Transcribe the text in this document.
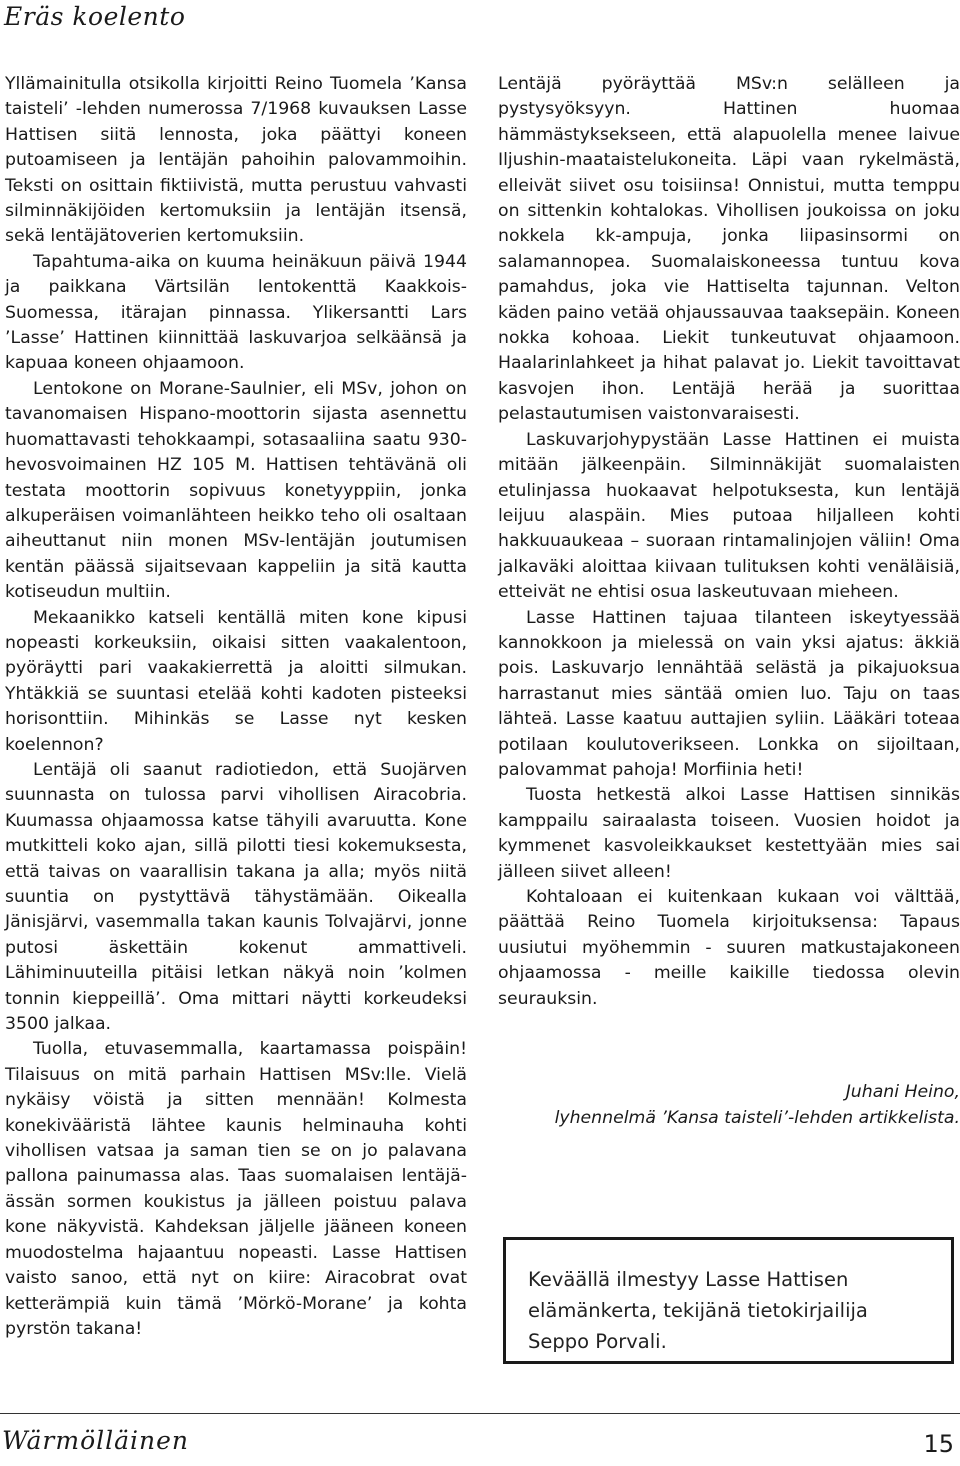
Eräs koelento

Yllämainitulla otsikolla kirjoitti Reino Tuomela ’Kansa taisteli’ -lehden numerossa 7/1968 kuvauksen Lasse Hattisen siitä lennosta, joka päättyi koneen putoamiseen ja lentäjän pahoihin palovammoihin. Teksti on osittain fiktiivistä, mutta perustuu vahvasti silminnäkijöiden kertomuksiin ja lentäjän itsensä, sekä lentäjätoverien kertomuksiin.

Tapahtuma-aika on kuuma heinäkuun päivä 1944 ja paikkana Värtsilän lentokenttä Kaakkois-Suomessa, itärajan pinnassa. Ylikersantti Lars ’Lasse’ Hattinen kiinnittää laskuvarjoa selkäänsä ja kapuaa koneen ohjaamoon.

Lentokone on Morane-Saulnier, eli MSv, johon on tavanomaisen Hispano-moottorin sijasta asennettu huomattavasti tehokkaampi, sotasaaliina saatu 930-hevosvoimainen HZ 105 M. Hattisen tehtävänä oli testata moottorin sopivuus konetyyppiin, jonka alkuperäisen voimanlähteen heikko teho oli osaltaan aiheuttanut niin monen MSv-lentäjän joutumisen kentän päässä sijaitsevaan kappeliin ja sitä kautta kotiseudun multiin.

Mekaanikko katseli kentällä miten kone kipusi nopeasti korkeuksiin, oikaisi sitten vaakalentoon, pyöräytti pari vaakakierrettä ja aloitti silmukan. Yhtäkkiä se suuntasi etelää kohti kadoten pisteeksi horisonttiin. Mihinkäs se Lasse nyt kesken koelennon?

Lentäjä oli saanut radiotiedon, että Suojärven suunnasta on tulossa parvi vihollisen Airacobria. Kuumassa ohjaamossa katse tähyili avaruutta. Kone mutkitteli koko ajan, sillä pilotti tiesi kokemuksesta, että taivas on vaarallisin takana ja alla; myös niitä suuntia on pystyttävä tähystämään. Oikealla Jänisjärvi, vasemmalla takan kaunis Tolvajärvi, jonne putosi äskettäin kokenut ammattiveli. Lähiminuuteilla pitäisi letkan näkyä noin ’kolmen tonnin kieppeillä’. Oma mittari näytti korkeudeksi 3500 jalkaa.

Tuolla, etuvasemmalla, kaartamassa poispäin! Tilaisuus on mitä parhain Hattisen MSv:lle. Vielä nykäisy vöistä ja sitten mennään! Kolmesta konekivääristä lähtee kaunis helminauha kohti vihollisen vatsaa ja saman tien se on jo palavana pallona painumassa alas. Taas suomalaisen lentäjä-ässän sormen koukistus ja jälleen poistuu palava kone näkyvistä. Kahdeksan jäljelle jääneen koneen muodostelma hajaantuu nopeasti. Lasse Hattisen vaisto sanoo, että nyt on kiire: Airacobrat ovat ketterämpiä kuin tämä ’Mörkö-Morane’ ja kohta pyrstön takana!

Lentäjä pyöräyttää MSv:n selälleen ja pystysyöksyyn. Hattinen huomaa hämmästyksekseen, että alapuolella menee laivue Iljushin-maataistelukoneita. Läpi vaan rykelmästä, elleivät siivet osu toisiinsa! Onnistui, mutta temppu on sittenkin kohtalokas. Vihollisen joukoissa on joku nokkela kk-ampuja, jonka liipasinsormi on salamannopea. Suomalaiskoneessa tuntuu kova pamahdus, joka vie Hattiselta tajunnan. Velton käden paino vetää ohjaussauvaa taaksepäin. Koneen nokka kohoaa. Liekit tunkeutuvat ohjaamoon. Haalarinlahkeet ja hihat palavat jo. Liekit tavoittavat kasvojen ihon. Lentäjä herää ja suorittaa pelastautumisen vaistonvaraisesti.

Laskuvarjohypystään Lasse Hattinen ei muista mitään jälkeenpäin. Silminnäkijät suomalaisten etulinjassa huokaavat helpotuksesta, kun lentäjä leijuu alaspäin. Mies putoaa hiljalleen kohti hakkuuaukeaa – suoraan rintamalinjojen väliin! Oma jalkaväki aloittaa kiivaan tulituksen kohti venäläisiä, etteivät ne ehtisi osua laskeutuvaan mieheen.

Lasse Hattinen tajuaa tilanteen iskeytyessää kannokkoon ja mielessä on vain yksi ajatus: äkkiä pois. Laskuvarjo lennähtää selästä ja pikajuoksua harrastanut mies säntää omien luo. Taju on taas lähteä. Lasse kaatuu auttajien syliin. Lääkäri toteaa potilaan koulutoverikseen. Lonkka on sijoiltaan, palovammat pahoja! Morfiinia heti!

Tuosta hetkestä alkoi Lasse Hattisen sinnikäs kamppailu sairaalasta toiseen. Vuosien hoidot ja kymmenet kasvoleikkaukset kestettyään mies sai jälleen siivet alleen!

Kohtaloaan ei kuitenkaan kukaan voi välttää, päättää Reino Tuomela kirjoituksensa: Tapaus uusiutui myöhemmin - suuren matkustajakoneen ohjaamossa - meille kaikille tiedossa olevin seurauksin.

Juhani Heino,
lyhennelmä ’Kansa taisteli’-lehden artikkelista.
Keväällä ilmestyy Lasse Hattisen elämänkerta, tekijänä tietokirjailija Seppo Porvali.
Wärmölläinen	15
